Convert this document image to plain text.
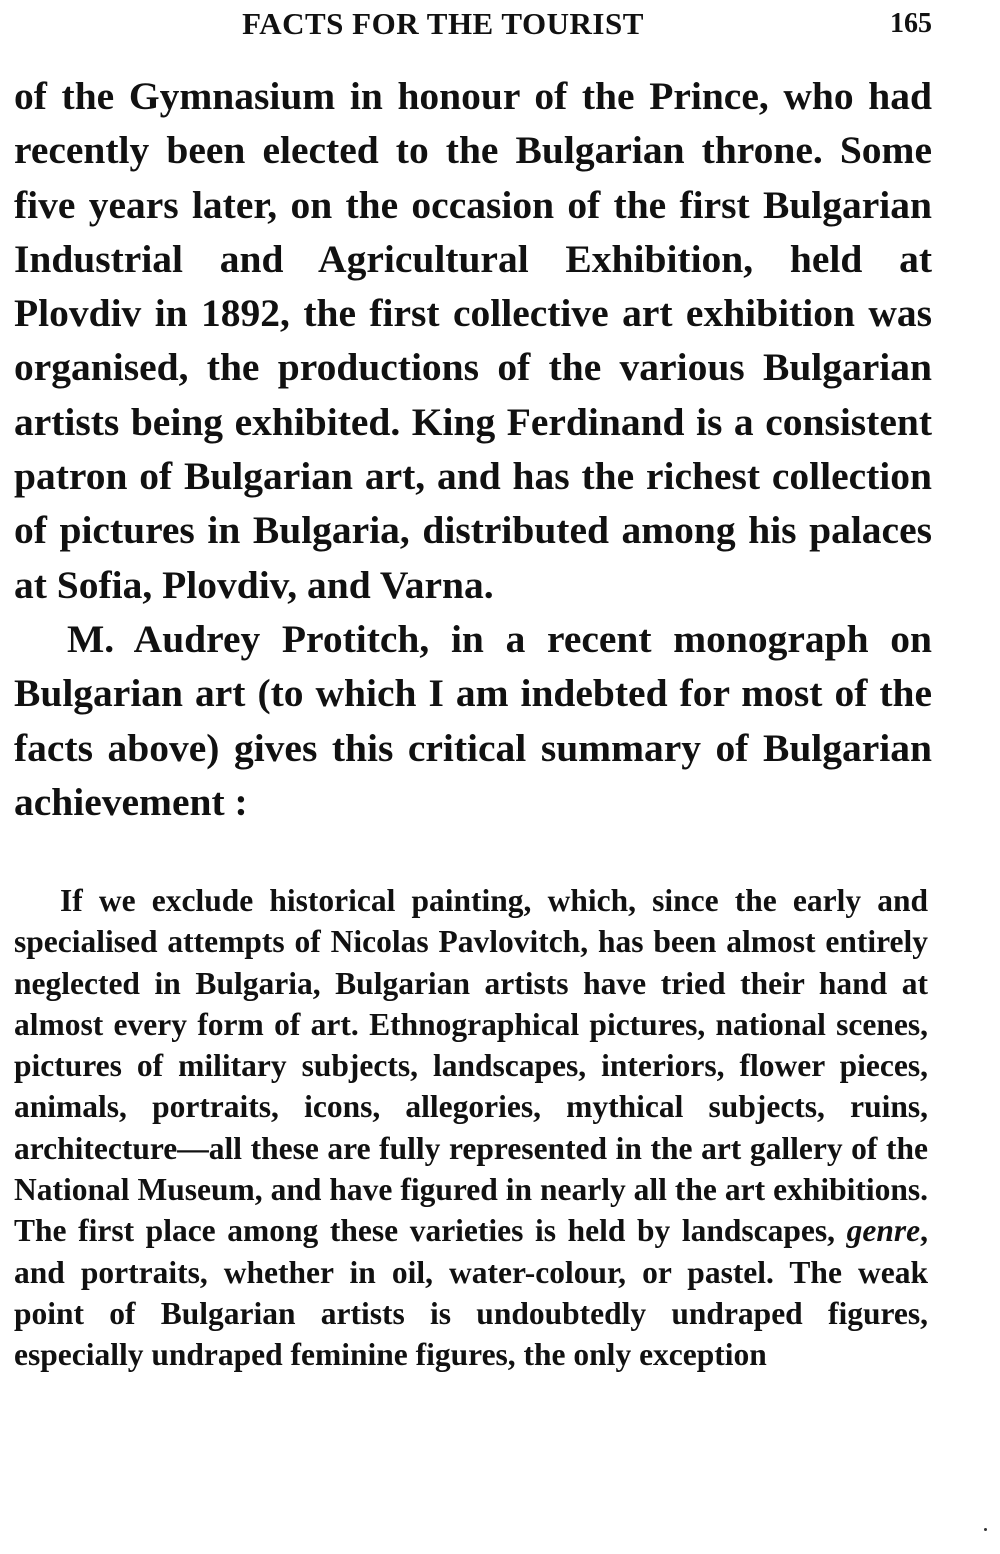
FACTS FOR THE TOURIST	165

of the Gymnasium in honour of the Prince, who had recently been elected to the Bulgarian throne. Some five years later, on the occasion of the first Bulgarian Industrial and Agricultural Exhibition, held at Plovdiv in 1892, the first collective art exhibition was organised, the productions of the various Bulgarian artists being exhibited. King Ferdinand is a consistent patron of Bulgarian art, and has the richest collection of pictures in Bulgaria, distributed among his palaces at Sofia, Plovdiv, and Varna.

M. Audrey Protitch, in a recent monograph on Bulgarian art (to which I am indebted for most of the facts above) gives this critical summary of Bulgarian achievement :

If we exclude historical painting, which, since the early and specialised attempts of Nicolas Pavlovitch, has been almost entirely neglected in Bulgaria, Bulgarian artists have tried their hand at almost every form of art. Ethnographical pictures, national scenes, pictures of military subjects, landscapes, interiors, flower pieces, animals, portraits, icons, allegories, mythical subjects, ruins, architecture—all these are fully represented in the art gallery of the National Museum, and have figured in nearly all the art exhibitions. The first place among these varieties is held by landscapes, genre, and portraits, whether in oil, water-colour, or pastel. The weak point of Bulgarian artists is undoubtedly undraped figures, especially undraped feminine figures, the only exception
